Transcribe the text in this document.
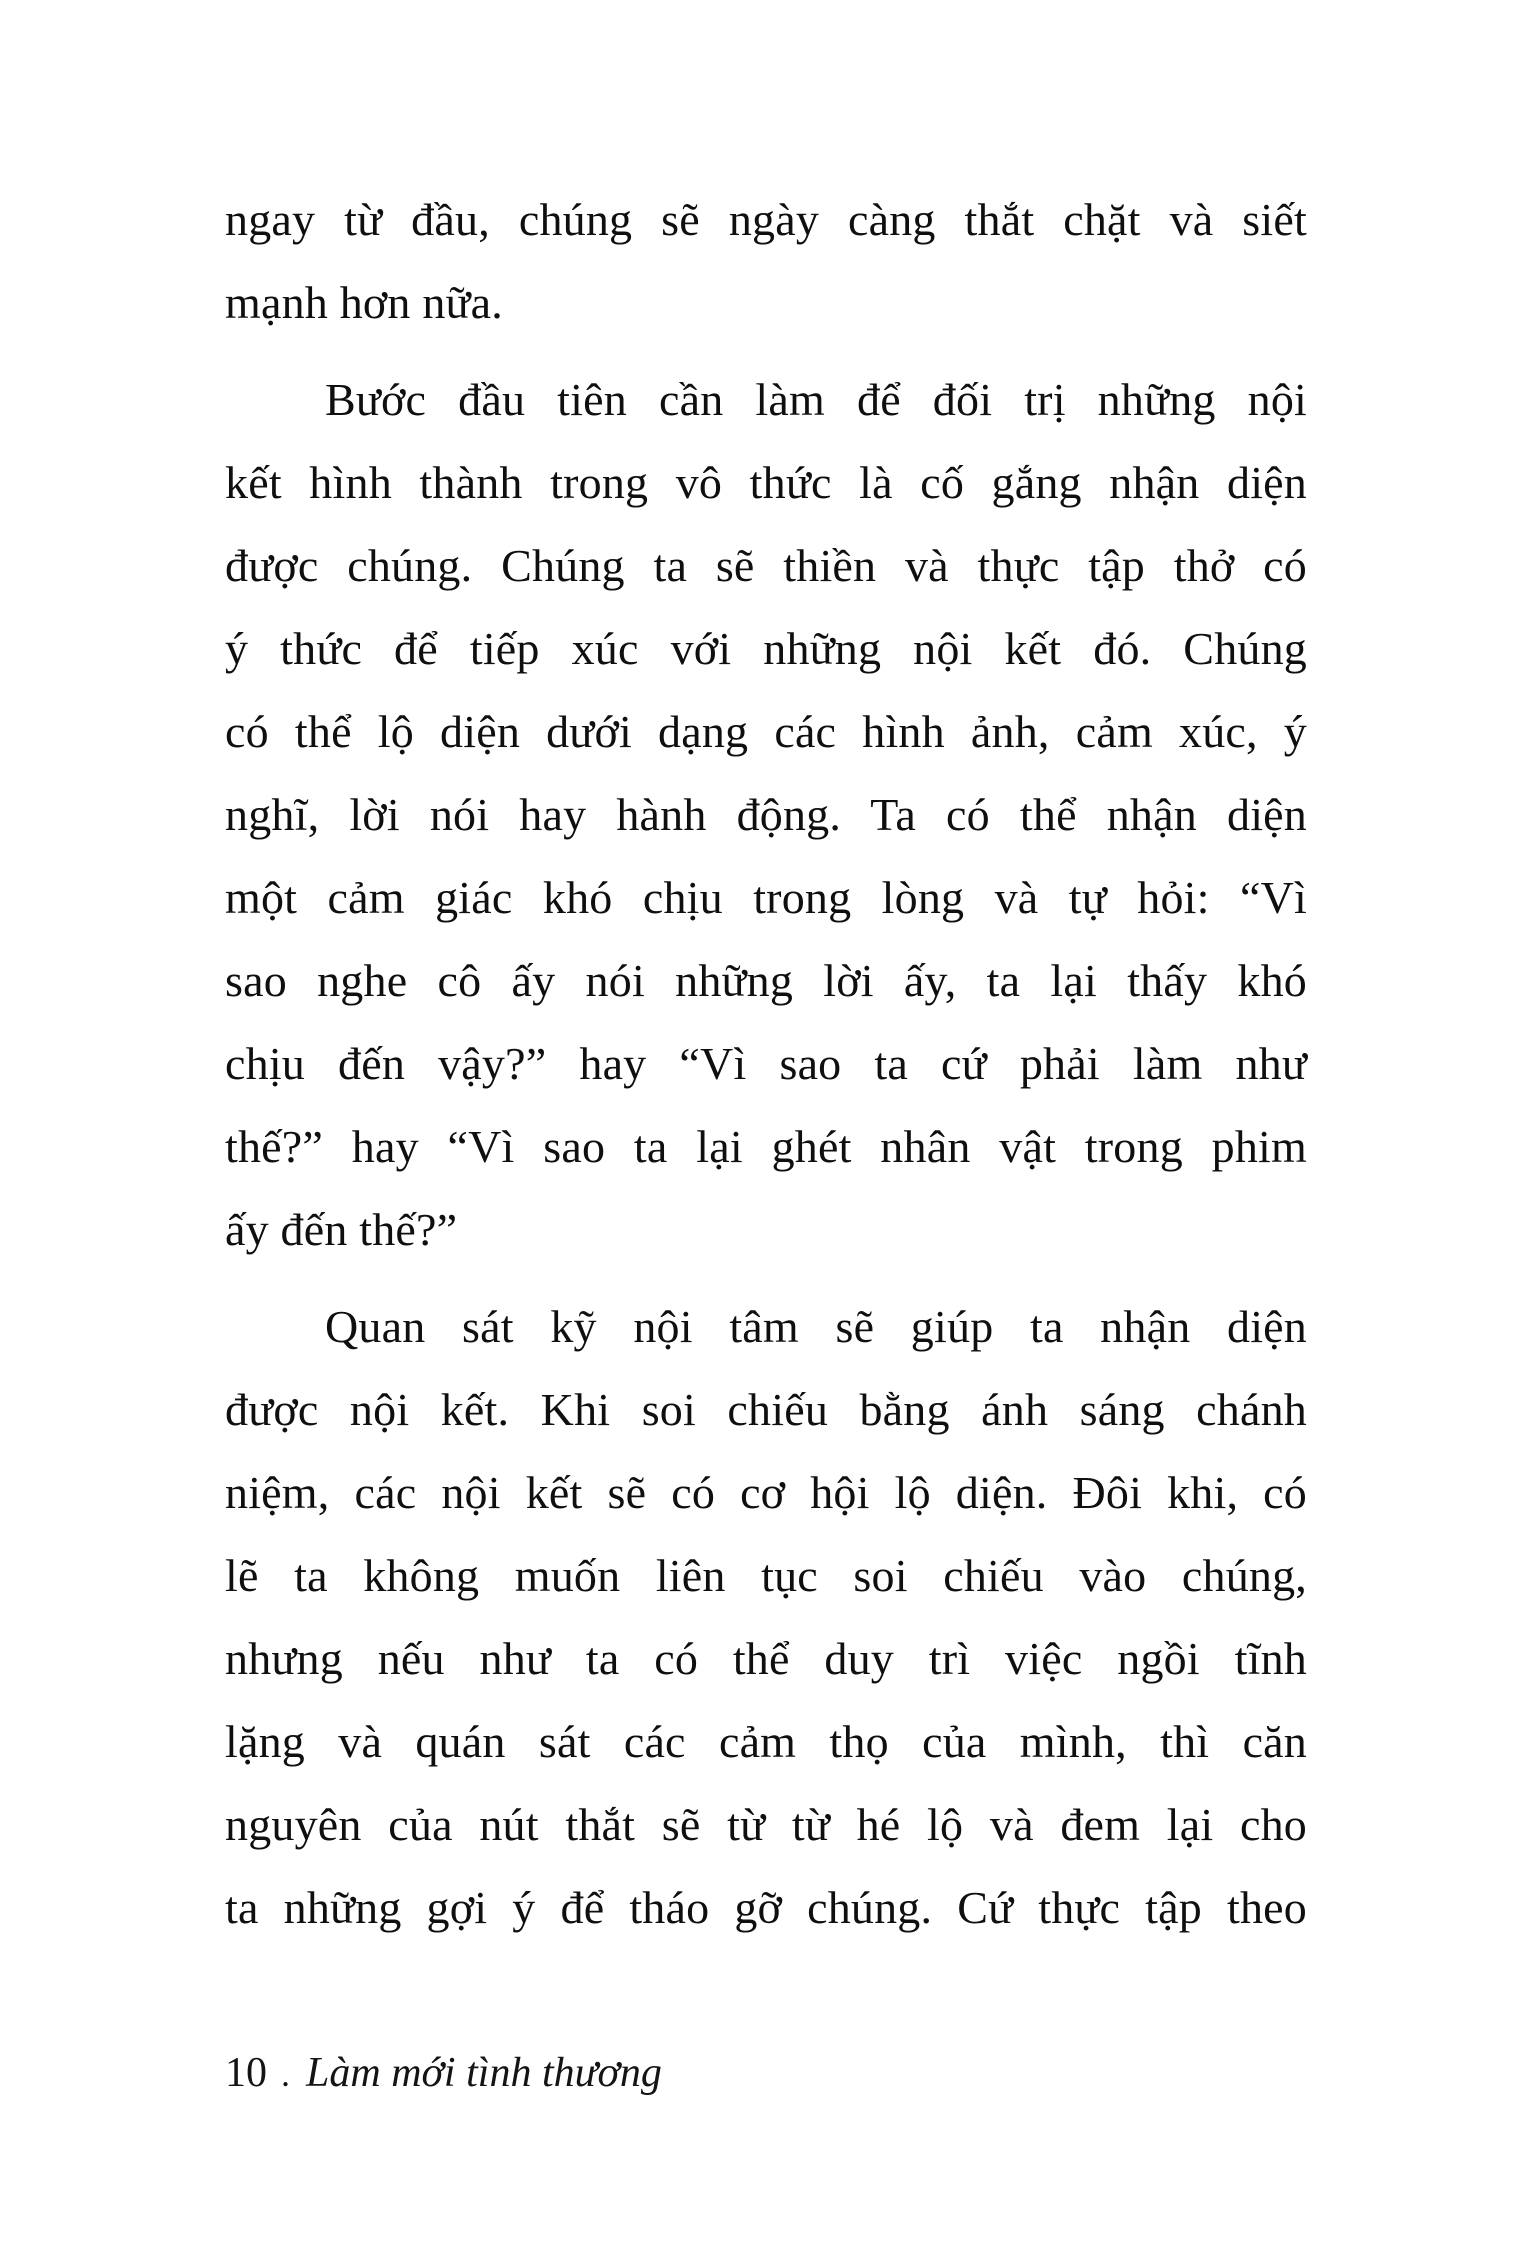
ngay từ đầu, chúng sẽ ngày càng thắt chặt và siết
mạnh hơn nữa.

Bước đầu tiên cần làm để đối trị những nội
kết hình thành trong vô thức là cố gắng nhận diện
được chúng. Chúng ta sẽ thiền và thực tập thở có
ý thức để tiếp xúc với những nội kết đó. Chúng
có thể lộ diện dưới dạng các hình ảnh, cảm xúc, ý
nghĩ, lời nói hay hành động. Ta có thể nhận diện
một cảm giác khó chịu trong lòng và tự hỏi: “Vì
sao nghe cô ấy nói những lời ấy, ta lại thấy khó
chịu đến vậy?” hay “Vì sao ta cứ phải làm như
thế?” hay “Vì sao ta lại ghét nhân vật trong phim
ấy đến thế?”

Quan sát kỹ nội tâm sẽ giúp ta nhận diện
được nội kết. Khi soi chiếu bằng ánh sáng chánh
niệm, các nội kết sẽ có cơ hội lộ diện. Đôi khi, có
lẽ ta không muốn liên tục soi chiếu vào chúng,
nhưng nếu như ta có thể duy trì việc ngồi tĩnh
lặng và quán sát các cảm thọ của mình, thì căn
nguyên của nút thắt sẽ từ từ hé lộ và đem lại cho
ta những gợi ý để tháo gỡ chúng. Cứ thực tập theo

10 . Làm mới tình thương
